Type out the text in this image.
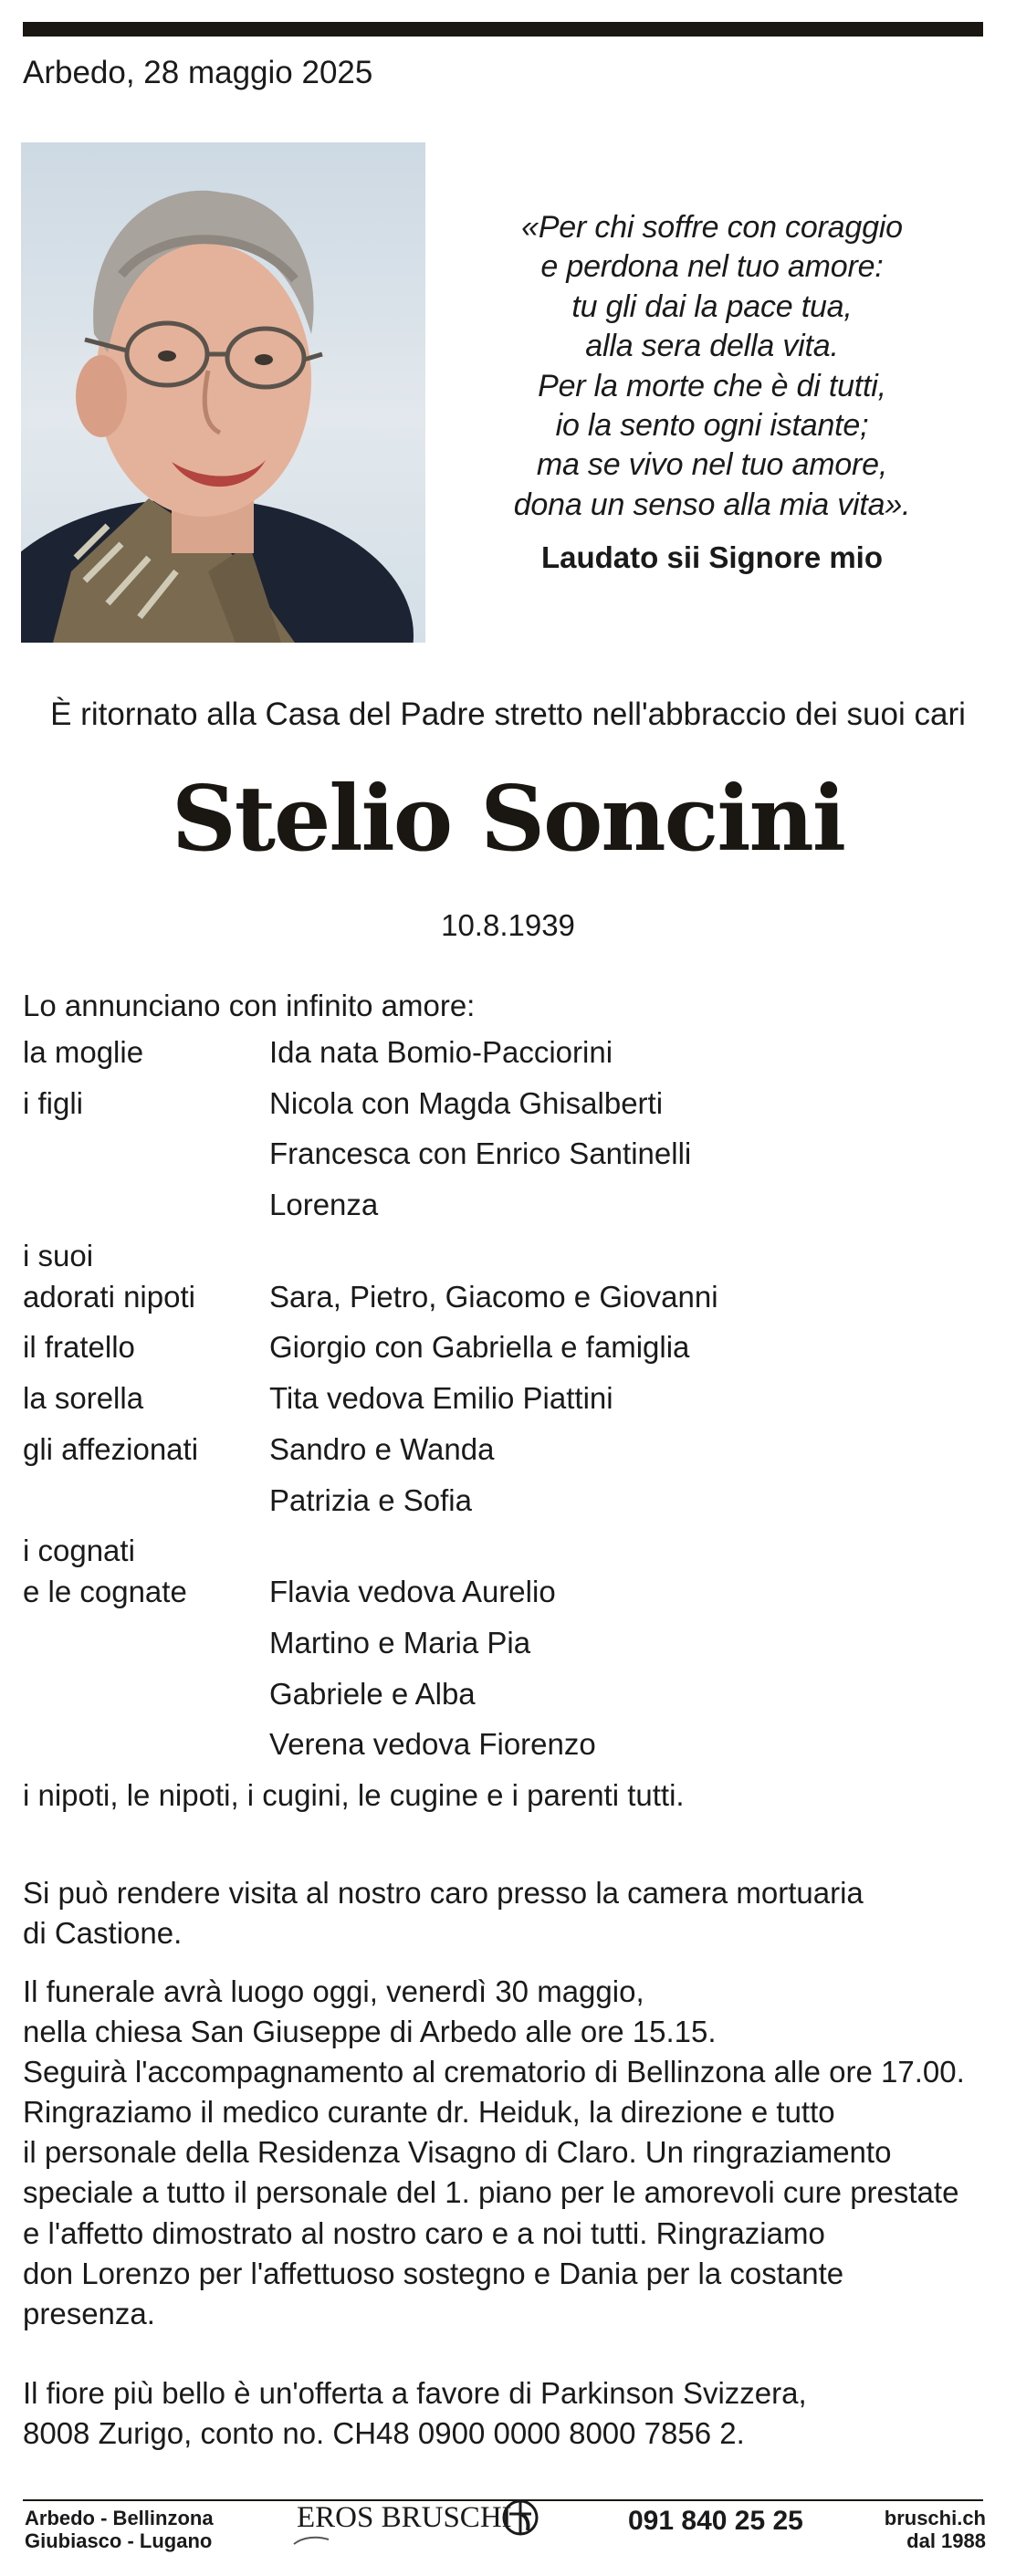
Arbedo, 28 maggio 2025
«Per chi soffre con coraggio
e perdona nel tuo amore:
tu gli dai la pace tua,
alla sera della vita.
Per la morte che è di tutti,
io la sento ogni istante;
ma se vivo nel tuo amore,
dona un senso alla mia vita».
Laudato sii Signore mio
È ritornato alla Casa del Padre stretto nell'abbraccio dei suoi cari
Stelio Soncini
10.8.1939
Lo annunciano con infinito amore:
la moglie	Ida nata Bomio-Pacciorini
i figli	Nicola con Magda Ghisalberti
Francesca con Enrico Santinelli
Lorenza
i suoi
adorati nipoti Sara, Pietro, Giacomo e Giovanni
il fratello	Giorgio con Gabriella e famiglia
la sorella	Tita vedova Emilio Piattini
gli affezionati Sandro e Wanda
Patrizia e Sofia
i cognati
e le cognate	Flavia vedova Aurelio
Martino e Maria Pia
Gabriele e Alba
Verena vedova Fiorenzo
i nipoti, le nipoti, i cugini, le cugine e i parenti tutti.
Si può rendere visita al nostro caro presso la camera mortuaria
di Castione.
Il funerale avrà luogo oggi, venerdì 30 maggio,
nella chiesa San Giuseppe di Arbedo alle ore 15.15.
Seguirà l'accompagnamento al crematorio di Bellinzona alle ore 17.00.
Ringraziamo il medico curante dr. Heiduk, la direzione e tutto
il personale della Residenza Visagno di Claro. Un ringraziamento
speciale a tutto il personale del 1. piano per le amorevoli cure prestate
e l'affetto dimostrato al nostro caro e a noi tutti. Ringraziamo
don Lorenzo per l'affettuoso sostegno e Dania per la costante
presenza.
Il fiore più bello è un'offerta a favore di Parkinson Svizzera,
8008 Zurigo, conto no. CH48 0900 0000 8000 7856 2.
Arbedo - Bellinzona
Giubiasco - Lugano
EROS BRUSCHI	091 840 25 25	bruschi.ch
dal 1988
